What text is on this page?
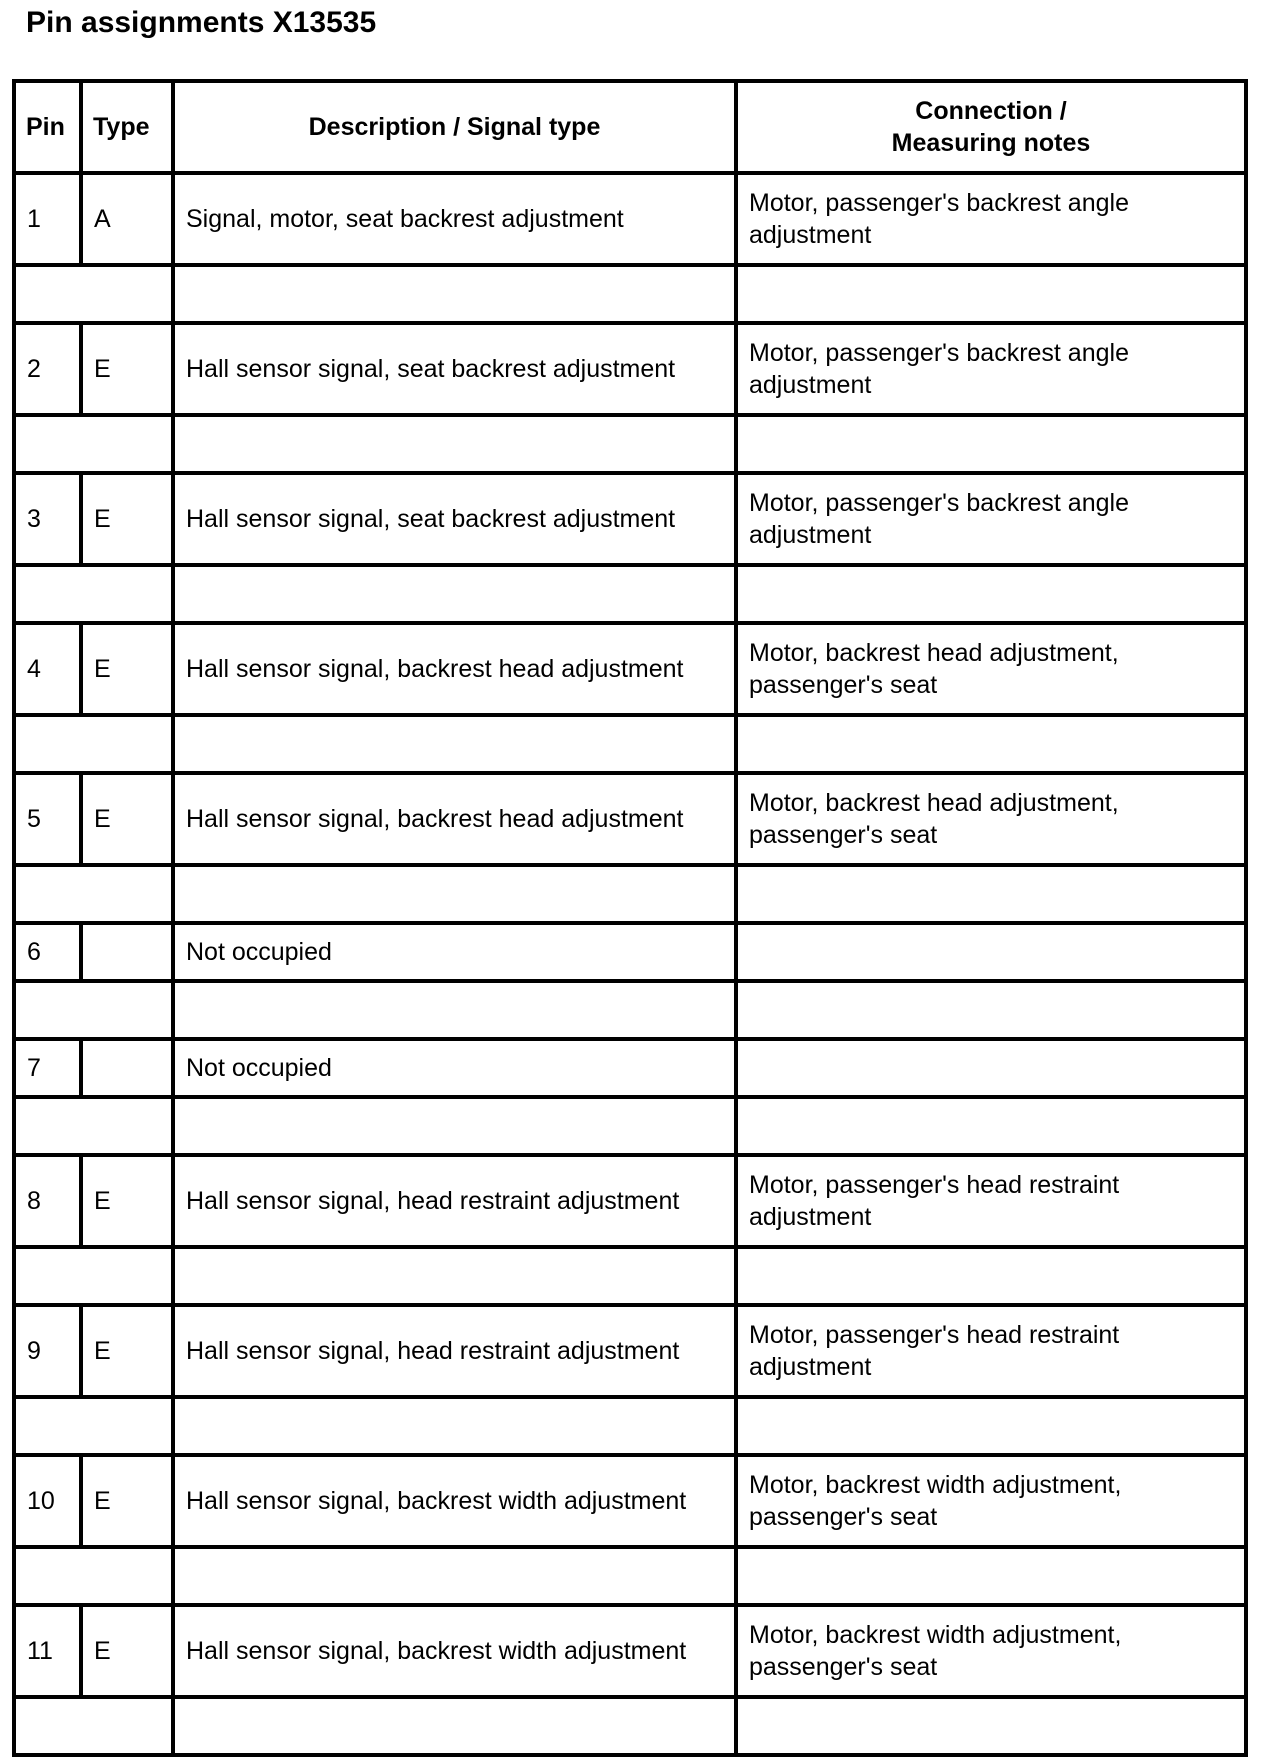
Pin assignments X13535
Pin	Type	Description / Signal type	Connection /
Measuring notes

1	A	Signal, motor, seat backrest adjustment	Motor, passenger's backrest angle adjustment

2	E	Hall sensor signal, seat backrest adjustment	Motor, passenger's backrest angle adjustment

3	E	Hall sensor signal, seat backrest adjustment	Motor, passenger's backrest angle adjustment

4	E	Hall sensor signal, backrest head adjustment	Motor, backrest head adjustment, passenger's seat

5	E	Hall sensor signal, backrest head adjustment	Motor, backrest head adjustment, passenger's seat

6		Not occupied	

7		Not occupied	

8	E	Hall sensor signal, head restraint adjustment	Motor, passenger's head restraint adjustment

9	E	Hall sensor signal, head restraint adjustment	Motor, passenger's head restraint adjustment

10	E	Hall sensor signal, backrest width adjustment	Motor, backrest width adjustment, passenger's seat

11	E	Hall sensor signal, backrest width adjustment	Motor, backrest width adjustment, passenger's seat
